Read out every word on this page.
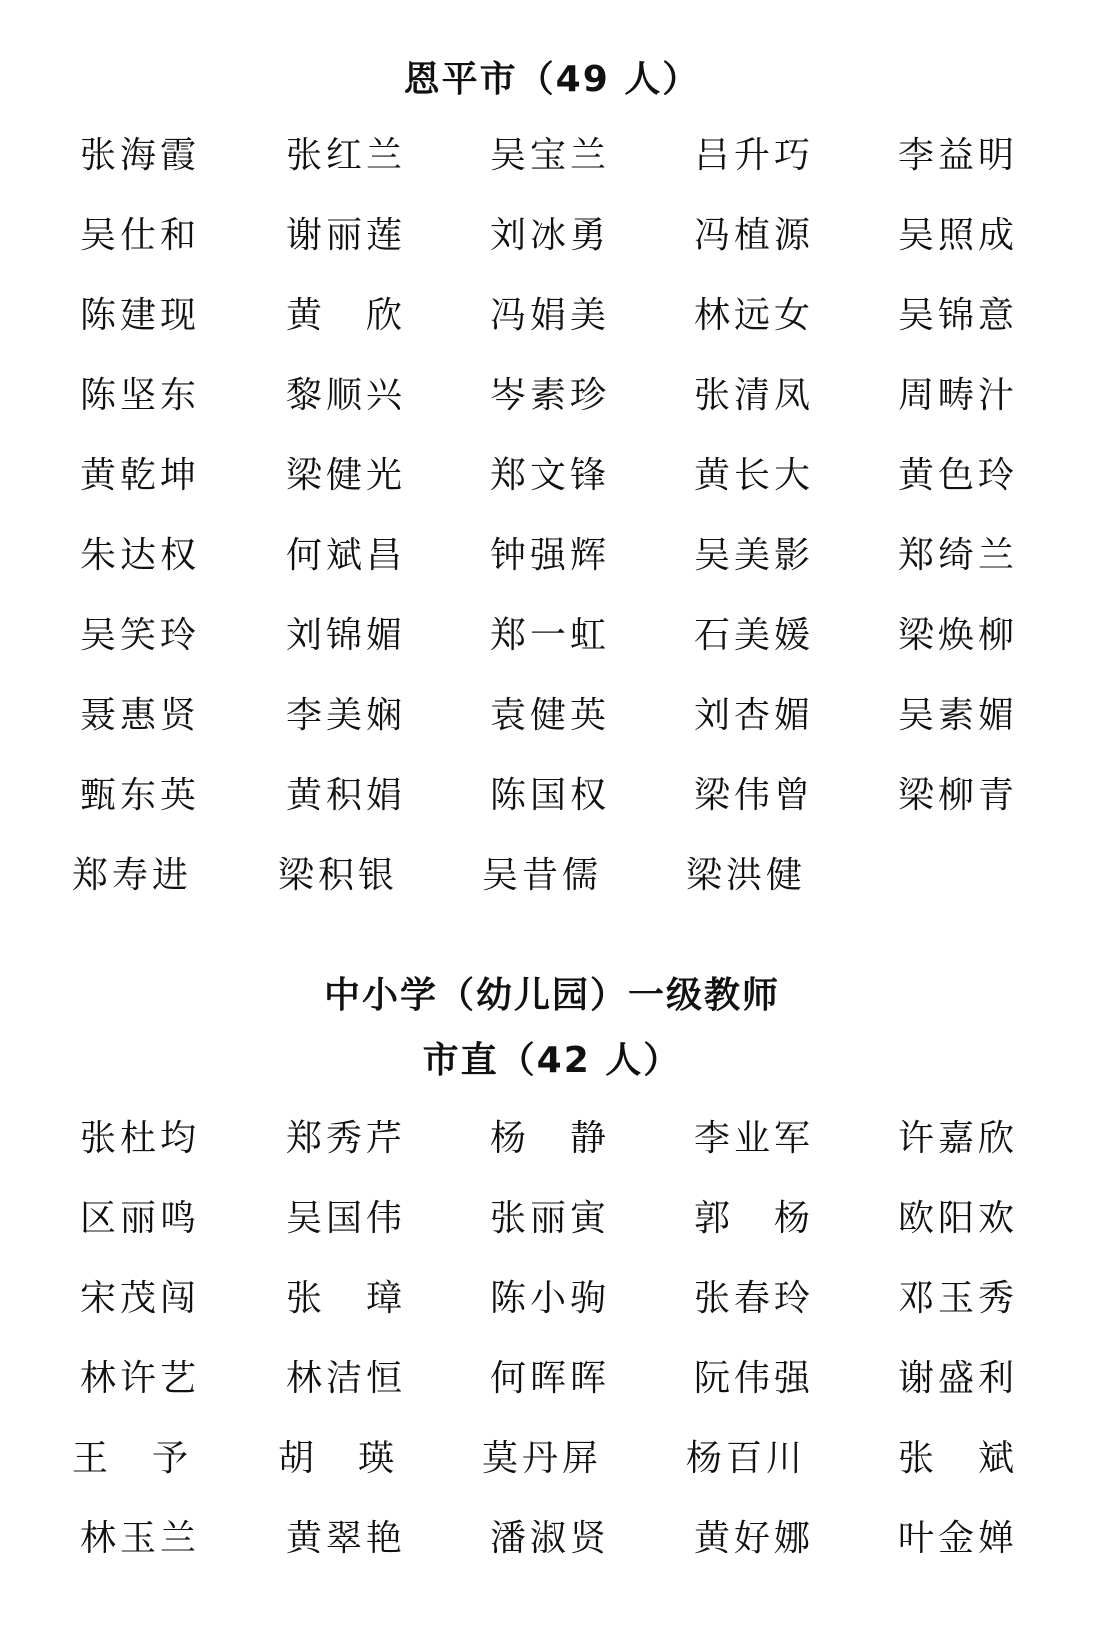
恩平市（49 人）
张海霞	张红兰	吴宝兰	吕升巧	李益明
吴仕和	谢丽莲	刘冰勇	冯植源	吴照成
陈建现	黄　欣	冯娟美	林远女	吴锦意
陈坚东	黎顺兴	岑素珍	张清凤	周畴汁
黄乾坤	梁健光	郑文锋	黄长大	黄色玲
朱达权	何斌昌	钟强辉	吴美影	郑绮兰
吴笑玲	刘锦媚	郑一虹	石美媛	梁焕柳
聂惠贤	李美娴	袁健英	刘杏媚	吴素媚
甄东英	黄积娟	陈国权	梁伟曾	梁柳青
郑寿进	梁积银	吴昔儒	梁洪健
中小学（幼儿园）一级教师
市直（42 人）
张杜均	郑秀芹	杨　静	李业军	许嘉欣
区丽鸣	吴国伟	张丽寅	郭　杨	欧阳欢
宋茂闯	张　璋	陈小驹	张春玲	邓玉秀
林许艺	林洁恒	何晖晖	阮伟强	谢盛利
王　予	胡　瑛	莫丹屏	杨百川	张　斌
林玉兰	黄翠艳	潘淑贤	黄好娜	叶金婵
